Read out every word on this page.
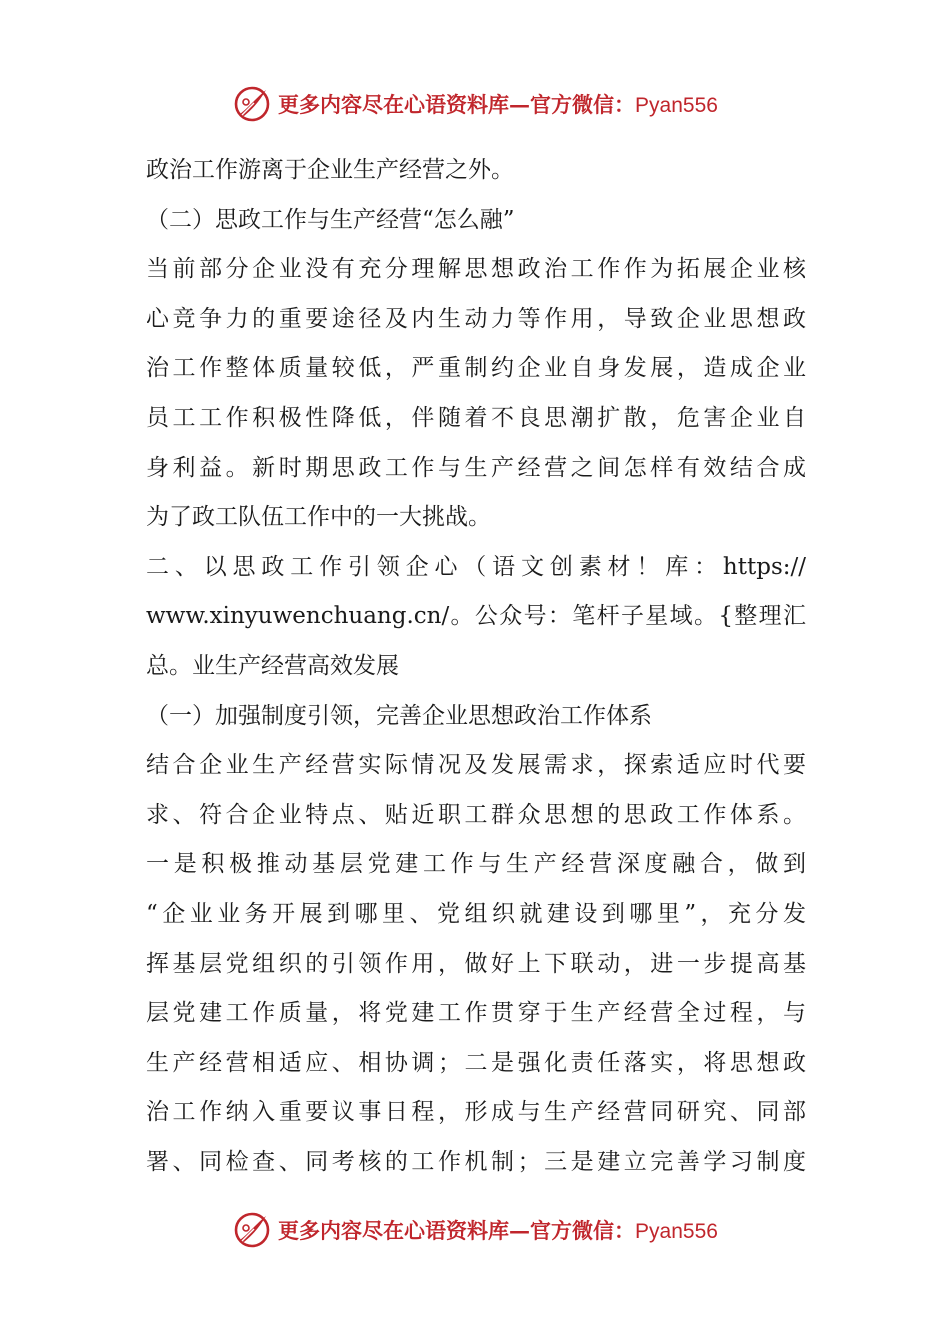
更多内容尽在心语资料库—官方微信：Pyan556
政治工作游离于企业生产经营之外。
（二）思政工作与生产经营“怎么融”
当前部分企业没有充分理解思想政治工作作为拓展企业核
心竞争力的重要途径及内生动力等作用，导致企业思想政
治工作整体质量较低，严重制约企业自身发展，造成企业
员工工作积极性降低，伴随着不良思潮扩散，危害企业自
身利益。新时期思政工作与生产经营之间怎样有效结合成
为了政工队伍工作中的一大挑战。
二、以思政工作引领企心（语文创素材！库：https://
www.xinyuwenchuang.cn/。公众号：笔杆子星域。{整理汇
总。业生产经营高效发展
（一）加强制度引领，完善企业思想政治工作体系
结合企业生产经营实际情况及发展需求，探索适应时代要
求、符合企业特点、贴近职工群众思想的思政工作体系。
一是积极推动基层党建工作与生产经营深度融合，做到
“企业业务开展到哪里、党组织就建设到哪里”，充分发
挥基层党组织的引领作用，做好上下联动，进一步提高基
层党建工作质量，将党建工作贯穿于生产经营全过程，与
生产经营相适应、相协调；二是强化责任落实，将思想政
治工作纳入重要议事日程，形成与生产经营同研究、同部
署、同检查、同考核的工作机制；三是建立完善学习制度
更多内容尽在心语资料库—官方微信：Pyan556
